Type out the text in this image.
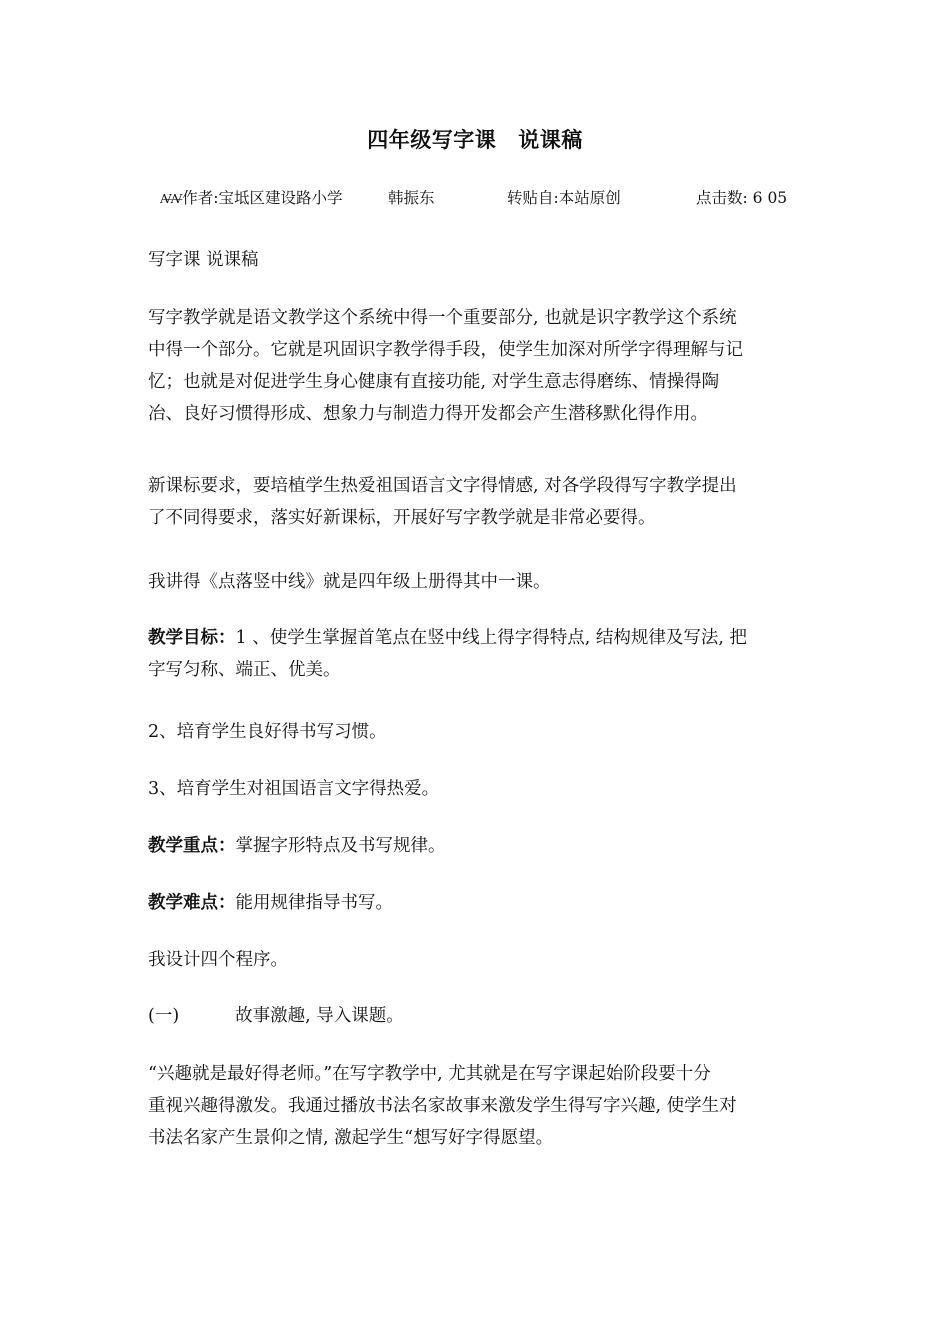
四年级写字课 说课稿
ꜺꜺ作者:宝坻区建设路小学	韩振东	转贴自:本站原创	点击数: 6 05
写字课 说课稿
写字教学就是语文教学这个系统中得一个重要部分, 也就是识字教学这个系统
中得一个部分。它就是巩固识字教学得手段，使学生加深对所学字得理解与记
忆；也就是对促进学生身心健康有直接功能, 对学生意志得磨练、情操得陶
冶、良好习惯得形成、想象力与制造力得开发都会产生潜移默化得作用。
新课标要求，要培植学生热爱祖国语言文字得情感, 对各学段得写字教学提出
了不同得要求，落实好新课标，开展好写字教学就是非常必要得。
我讲得《点落竖中线》就是四年级上册得其中一课。
教学目标：1 、使学生掌握首笔点在竖中线上得字得特点, 结构规律及写法, 把
字写匀称、端正、优美。
2、培育学生良好得书写习惯。
3、培育学生对祖国语言文字得热爱。
教学重点：掌握字形特点及书写规律。
教学难点：能用规律指导书写。
我设计四个程序。
(一)	故事激趣, 导入课题。
“兴趣就是最好得老师。”在写字教学中, 尤其就是在写字课起始阶段要十分
重视兴趣得激发。我通过播放书法名家故事来激发学生得写字兴趣, 使学生对
书法名家产生景仰之情, 激起学生“想写好字得愿望。
